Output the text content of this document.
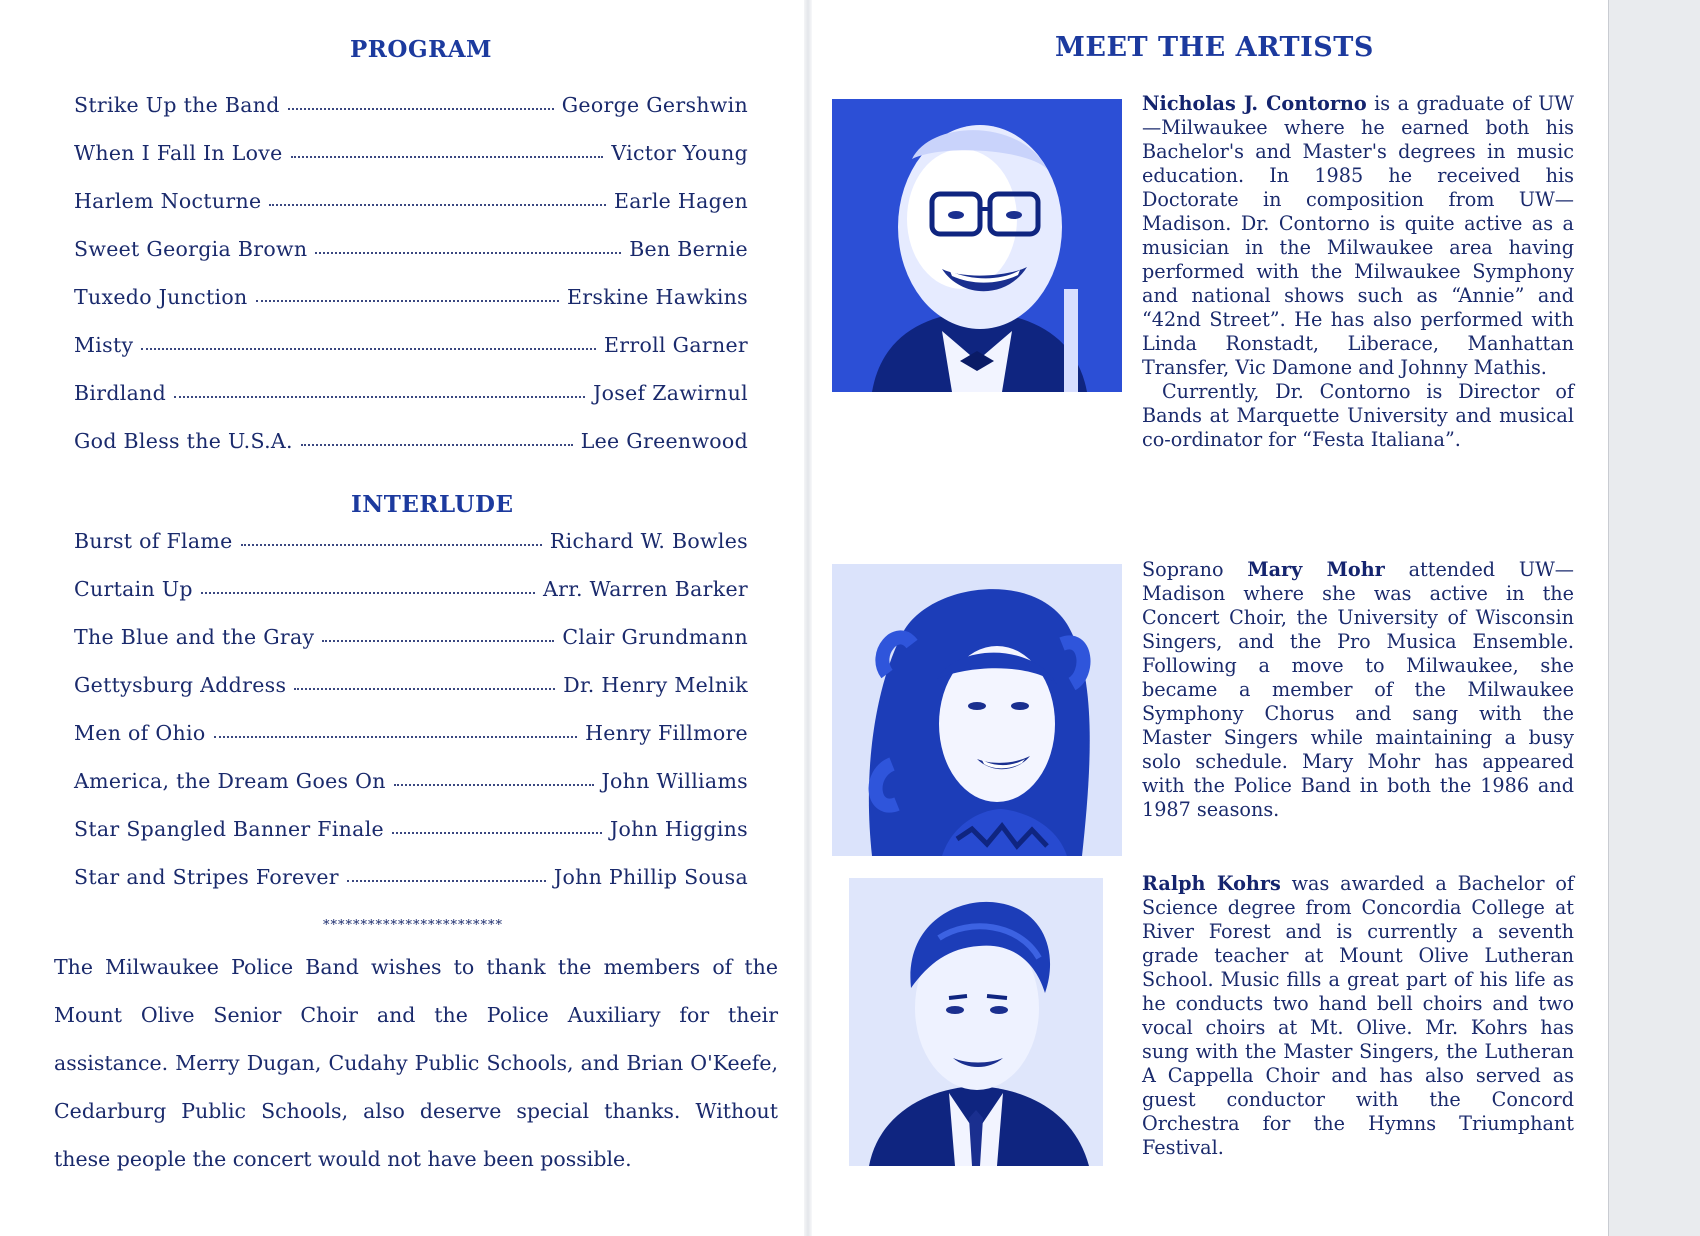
PROGRAM
Strike Up the Band	George Gershwin
When I Fall In Love	Victor Young
Harlem Nocturne	Earle Hagen
Sweet Georgia Brown	Ben Bernie
Tuxedo Junction	Erskine Hawkins
Misty	Erroll Garner
Birdland	Josef Zawirnul
God Bless the U.S.A.	Lee Greenwood
INTERLUDE
Burst of Flame	Richard W. Bowles
Curtain Up	Arr. Warren Barker
The Blue and the Gray	Clair Grundmann
Gettysburg Address	Dr. Henry Melnik
Men of Ohio	Henry Fillmore
America, the Dream Goes On	John Williams
Star Spangled Banner Finale	John Higgins
Star and Stripes Forever	John Phillip Sousa
************************

The Milwaukee Police Band wishes to thank the members of the Mount Olive Senior Choir and the Police Auxiliary for their assistance. Merry Dugan, Cudahy Public Schools, and Brian O'Keefe, Cedarburg Public Schools, also deserve special thanks. Without these people the concert would not have been possible.

MEET THE ARTISTS

Nicholas J. Contorno is a graduate of UW—Milwaukee where he earned both his Bachelor's and Master's degrees in music education. In 1985 he received his Doctorate in composition from UW—Madison. Dr. Contorno is quite active as a musician in the Milwaukee area having performed with the Milwaukee Symphony and national shows such as “Annie” and “42nd Street”. He has also performed with Linda Ronstadt, Liberace, Manhattan Transfer, Vic Damone and Johnny Mathis.

Currently, Dr. Contorno is Director of Bands at Marquette University and musical co-ordinator for “Festa Italiana”.

Soprano Mary Mohr attended UW—Madison where she was active in the Concert Choir, the University of Wisconsin Singers, and the Pro Musica Ensemble. Following a move to Milwaukee, she became a member of the Milwaukee Symphony Chorus and sang with the Master Singers while maintaining a busy solo schedule. Mary Mohr has appeared with the Police Band in both the 1986 and 1987 seasons.

Ralph Kohrs was awarded a Bachelor of Science degree from Concordia College at River Forest and is currently a seventh grade teacher at Mount Olive Lutheran School. Music fills a great part of his life as he conducts two hand bell choirs and two vocal choirs at Mt. Olive. Mr. Kohrs has sung with the Master Singers, the Lutheran A Cappella Choir and has also served as guest conductor with the Concord Orchestra for the Hymns Triumphant Festival.
